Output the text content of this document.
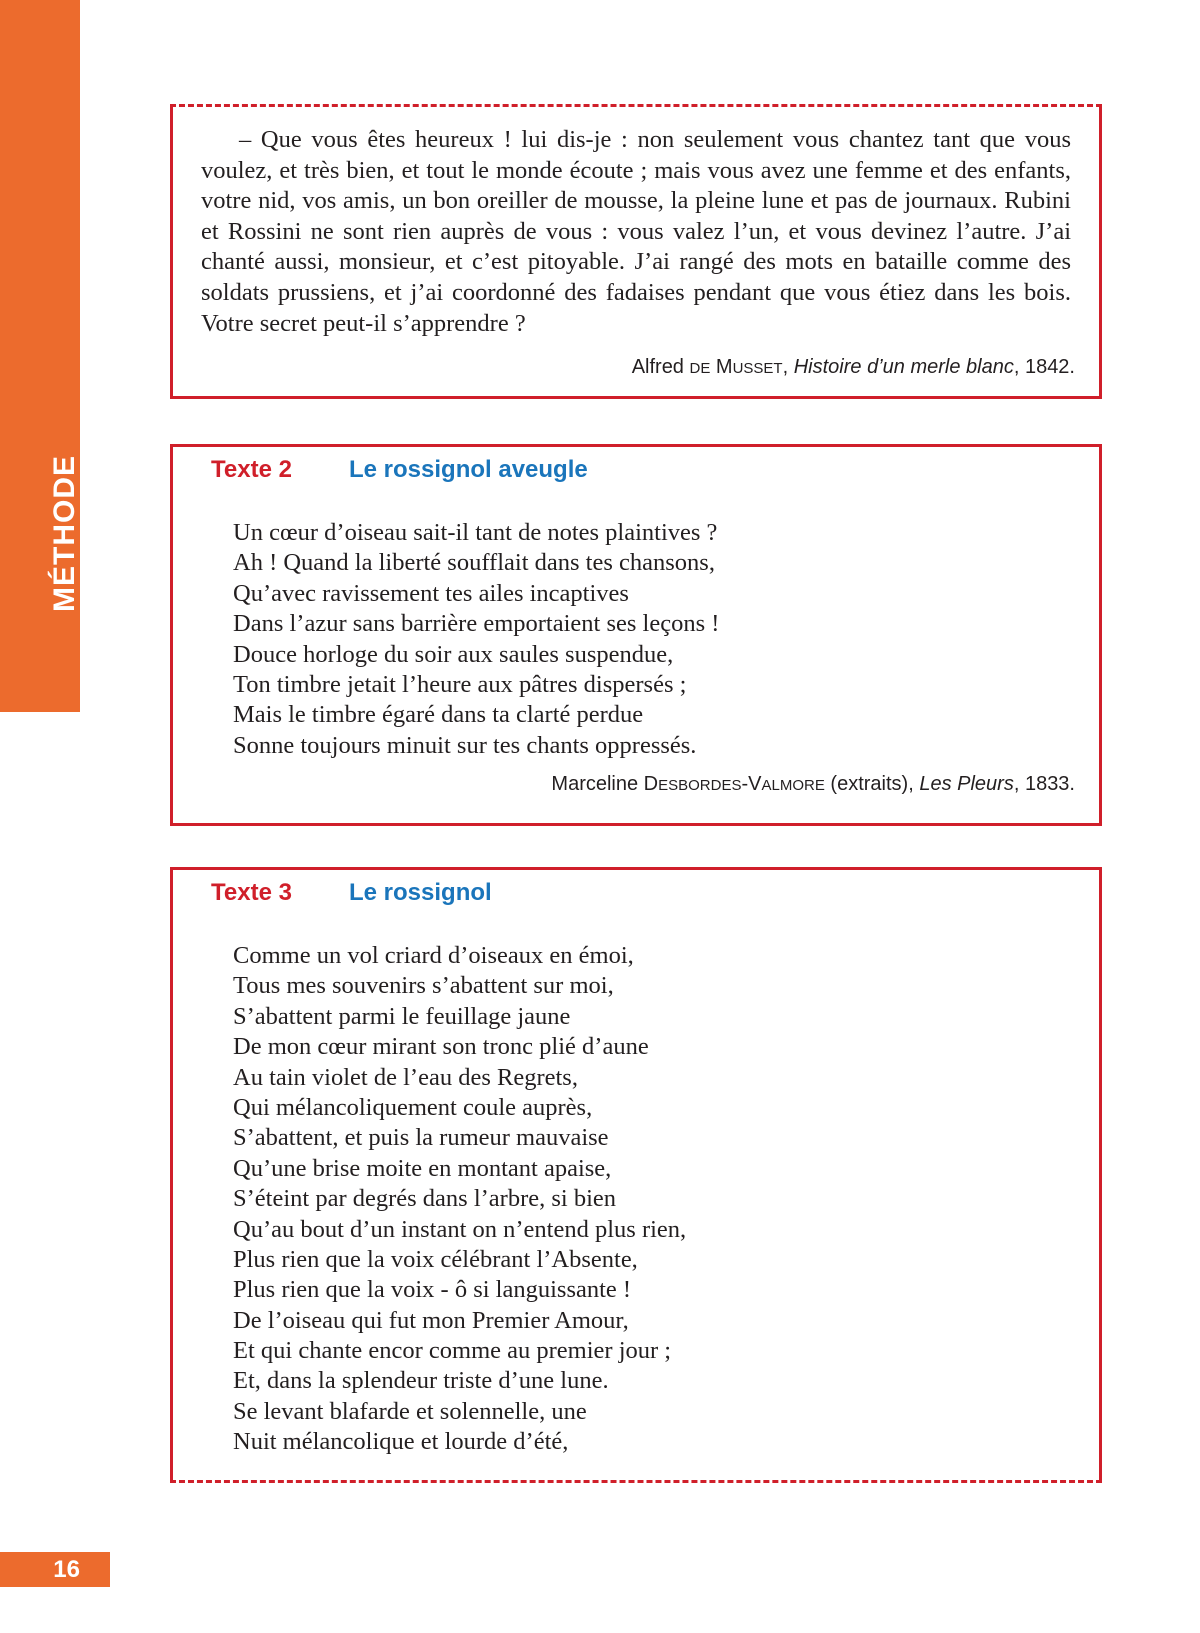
MÉTHODE

– Que vous êtes heureux ! lui dis-je : non seulement vous chantez tant que vous voulez, et très bien, et tout le monde écoute ; mais vous avez une femme et des enfants, votre nid, vos amis, un bon oreiller de mousse, la pleine lune et pas de journaux. Rubini et Rossini ne sont rien auprès de vous : vous valez l’un, et vous devinez l’autre. J’ai chanté aussi, monsieur, et c’est pitoyable. J’ai rangé des mots en bataille comme des soldats prussiens, et j’ai coordonné des fadaises pendant que vous étiez dans les bois. Votre secret peut-il s’apprendre ?

Alfred DE MUSSET, Histoire d’un merle blanc, 1842.
Texte 2 Le rossignol aveugle
Un cœur d’oiseau sait-il tant de notes plaintives ?
Ah ! Quand la liberté soufflait dans tes chansons,
Qu’avec ravissement tes ailes incaptives
Dans l’azur sans barrière emportaient ses leçons !
Douce horloge du soir aux saules suspendue,
Ton timbre jetait l’heure aux pâtres dispersés ;
Mais le timbre égaré dans ta clarté perdue
Sonne toujours minuit sur tes chants oppressés.
Marceline DESBORDES-VALMORE (extraits), Les Pleurs, 1833.
Texte 3 Le rossignol
Comme un vol criard d’oiseaux en émoi,
Tous mes souvenirs s’abattent sur moi,
S’abattent parmi le feuillage jaune
De mon cœur mirant son tronc plié d’aune
Au tain violet de l’eau des Regrets,
Qui mélancoliquement coule auprès,
S’abattent, et puis la rumeur mauvaise
Qu’une brise moite en montant apaise,
S’éteint par degrés dans l’arbre, si bien
Qu’au bout d’un instant on n’entend plus rien,
Plus rien que la voix célébrant l’Absente,
Plus rien que la voix - ô si languissante !
De l’oiseau qui fut mon Premier Amour,
Et qui chante encor comme au premier jour ;
Et, dans la splendeur triste d’une lune.
Se levant blafarde et solennelle, une
Nuit mélancolique et lourde d’été,
16
